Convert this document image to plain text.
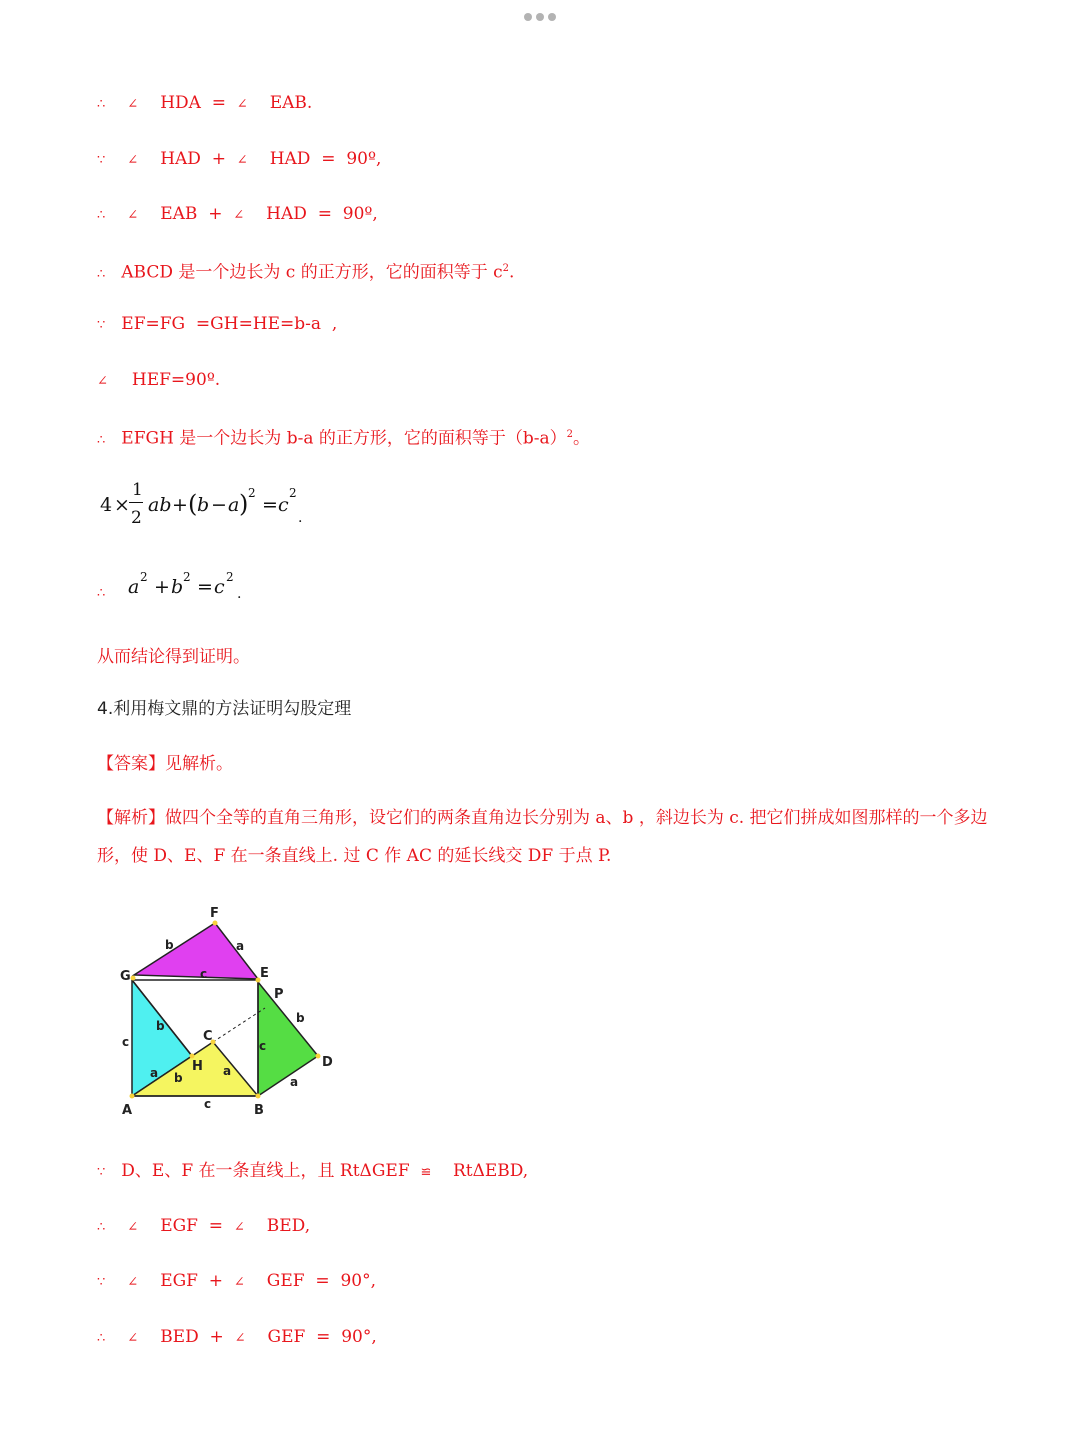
∴ ∠ HDA = ∠ EAB.
∵ ∠ HAD + ∠ HAD = 90º,
∴ ∠ EAB + ∠ HAD = 90º,
∴ ABCD 是一个边长为 c 的正方形，它的面积等于 $c^2$.
∵ EF=FG  =GH=HE=b-a  ,
∠ HEF=90º.
∴ EFGH 是一个边长为 b-a 的正方形，它的面积等于$(b-a)^2$。
4 ×
1
2
ab + ( b − a ) 2
= c
2
.
∴ a 2 + b 2 = c 2
.
从而结论得到证明。
4.利用梅文鼎的方法证明勾股定理
【答案】见解析。
【解析】做四个全等的直角三角形，设它们的两条直角边长分别为 a、b ，斜边长为 c. 把它们拼成如图那样的一个多边形，使 D、E、F 在一条直线上. 过 C 作 AC 的延长线交 DF 于点 P.
F
G	E
P
C
H	D
A	B
b	a
c
b
c	c
b
a b	a
c
a
∵ D、E、F 在一条直线上，且 RtΔGEF ≌ RtΔEBD,
∴ ∠ EGF = ∠ BED,
∵ ∠ EGF + ∠ GEF = 90°,
∴ ∠ BED + ∠ GEF = 90°,
